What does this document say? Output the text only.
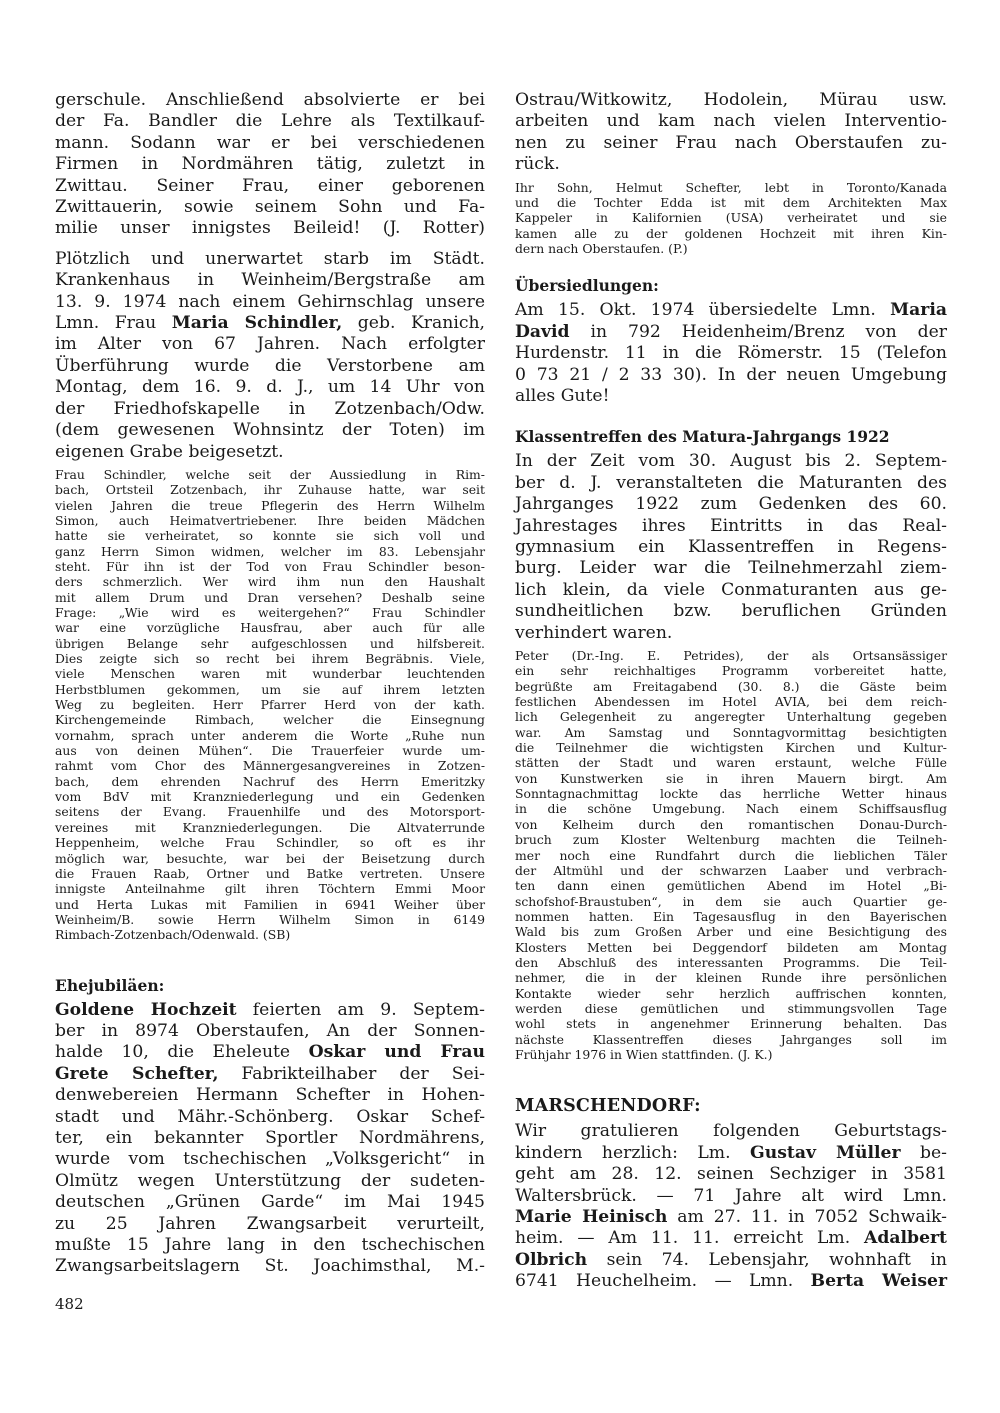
gerschule. Anschließend absolvierte er bei
der Fa. Bandler die Lehre als Textilkauf-
mann. Sodann war er bei verschiedenen
Firmen in Nordmähren tätig, zuletzt in
Zwittau. Seiner Frau, einer geborenen
Zwittauerin, sowie seinem Sohn und Fa-
milie unser innigstes Beileid! (J. Rotter)
Plötzlich und unerwartet starb im Städt.
Krankenhaus in Weinheim/Bergstraße am
13. 9. 1974 nach einem Gehirnschlag unsere
Lmn. Frau Maria Schindler, geb. Kranich,
im Alter von 67 Jahren. Nach erfolgter
Überführung wurde die Verstorbene am
Montag, dem 16. 9. d. J., um 14 Uhr von
der Friedhofskapelle in Zotzenbach/Odw.
(dem gewesenen Wohnsintz der Toten) im
eigenen Grabe beigesetzt.
Frau Schindler, welche seit der Aussiedlung in Rim-
bach, Ortsteil Zotzenbach, ihr Zuhause hatte, war seit
vielen Jahren die treue Pflegerin des Herrn Wilhelm
Simon, auch Heimatvertriebener. Ihre beiden Mädchen
hatte sie verheiratet, so konnte sie sich voll und
ganz Herrn Simon widmen, welcher im 83. Lebensjahr
steht. Für ihn ist der Tod von Frau Schindler beson-
ders schmerzlich. Wer wird ihm nun den Haushalt
mit allem Drum und Dran versehen? Deshalb seine
Frage: „Wie wird es weitergehen?“ Frau Schindler
war eine vorzügliche Hausfrau, aber auch für alle
übrigen Belange sehr aufgeschlossen und hilfsbereit.
Dies zeigte sich so recht bei ihrem Begräbnis. Viele,
viele Menschen waren mit wunderbar leuchtenden
Herbstblumen gekommen, um sie auf ihrem letzten
Weg zu begleiten. Herr Pfarrer Herd von der kath.
Kirchengemeinde Rimbach, welcher die Einsegnung
vornahm, sprach unter anderem die Worte „Ruhe nun
aus von deinen Mühen“. Die Trauerfeier wurde um-
rahmt vom Chor des Männergesangvereines in Zotzen-
bach, dem ehrenden Nachruf des Herrn Emeritzky
vom BdV mit Kranzniederlegung und ein Gedenken
seitens der Evang. Frauenhilfe und des Motorsport-
vereines mit Kranzniederlegungen. Die Altvaterrunde
Heppenheim, welche Frau Schindler, so oft es ihr
möglich war, besuchte, war bei der Beisetzung durch
die Frauen Raab, Ortner und Batke vertreten. Unsere
innigste Anteilnahme gilt ihren Töchtern Emmi Moor
und Herta Lukas mit Familien in 6941 Weiher über
Weinheim/B. sowie Herrn Wilhelm Simon in 6149
Rimbach-Zotzenbach/Odenwald. (SB)
Ehejubiläen:
Goldene Hochzeit feierten am 9. Septem-
ber in 8974 Oberstaufen, An der Sonnen-
halde 10, die Eheleute Oskar und Frau
Grete Schefter, Fabrikteilhaber der Sei-
denwebereien Hermann Schefter in Hohen-
stadt und Mähr.-Schönberg. Oskar Schef-
ter, ein bekannter Sportler Nordmährens,
wurde vom tschechischen „Volksgericht“ in
Olmütz wegen Unterstützung der sudeten-
deutschen „Grünen Garde“ im Mai 1945
zu 25 Jahren Zwangsarbeit verurteilt,
mußte 15 Jahre lang in den tschechischen
Zwangsarbeitslagern St. Joachimsthal, M.-
Ostrau/Witkowitz, Hodolein, Mürau usw.
arbeiten und kam nach vielen Interventio-
nen zu seiner Frau nach Oberstaufen zu-
rück.
Ihr Sohn, Helmut Schefter, lebt in Toronto/Kanada
und die Tochter Edda ist mit dem Architekten Max
Kappeler in Kalifornien (USA) verheiratet und sie
kamen alle zu der goldenen Hochzeit mit ihren Kin-
dern nach Oberstaufen. (P.)
Übersiedlungen:
Am 15. Okt. 1974 übersiedelte Lmn. Maria
David in 792 Heidenheim/Brenz von der
Hurdenstr. 11 in die Römerstr. 15 (Telefon
0 73 21 / 2 33 30). In der neuen Umgebung
alles Gute!
Klassentreffen des Matura-Jahrgangs 1922
In der Zeit vom 30. August bis 2. Septem-
ber d. J. veranstalteten die Maturanten des
Jahrganges 1922 zum Gedenken des 60.
Jahrestages ihres Eintritts in das Real-
gymnasium ein Klassentreffen in Regens-
burg. Leider war die Teilnehmerzahl ziem-
lich klein, da viele Conmaturanten aus ge-
sundheitlichen bzw. beruflichen Gründen
verhindert waren.
Peter (Dr.-Ing. E. Petrides), der als Ortsansässiger
ein sehr reichhaltiges Programm vorbereitet hatte,
begrüßte am Freitagabend (30. 8.) die Gäste beim
festlichen Abendessen im Hotel AVIA, bei dem reich-
lich Gelegenheit zu angeregter Unterhaltung gegeben
war. Am Samstag und Sonntagvormittag besichtigten
die Teilnehmer die wichtigsten Kirchen und Kultur-
stätten der Stadt und waren erstaunt, welche Fülle
von Kunstwerken sie in ihren Mauern birgt. Am
Sonntagnachmittag lockte das herrliche Wetter hinaus
in die schöne Umgebung. Nach einem Schiffsausflug
von Kelheim durch den romantischen Donau-Durch-
bruch zum Kloster Weltenburg machten die Teilneh-
mer noch eine Rundfahrt durch die lieblichen Täler
der Altmühl und der schwarzen Laaber und verbrach-
ten dann einen gemütlichen Abend im Hotel „Bi-
schofshof-Braustuben“, in dem sie auch Quartier ge-
nommen hatten. Ein Tagesausflug in den Bayerischen
Wald bis zum Großen Arber und eine Besichtigung des
Klosters Metten bei Deggendorf bildeten am Montag
den Abschluß des interessanten Programms. Die Teil-
nehmer, die in der kleinen Runde ihre persönlichen
Kontakte wieder sehr herzlich auffrischen konnten,
werden diese gemütlichen und stimmungsvollen Tage
wohl stets in angenehmer Erinnerung behalten. Das
nächste Klassentreffen dieses Jahrganges soll im
Frühjahr 1976 in Wien stattfinden. (J. K.)
MARSCHENDORF:
Wir gratulieren folgenden Geburtstags-
kindern herzlich: Lm. Gustav Müller be-
geht am 28. 12. seinen Sechziger in 3581
Waltersbrück. — 71 Jahre alt wird Lmn.
Marie Heinisch am 27. 11. in 7052 Schwaik-
heim. — Am 11. 11. erreicht Lm. Adalbert
Olbrich sein 74. Lebensjahr, wohnhaft in
6741 Heuchelheim. — Lmn. Berta Weiser
482
